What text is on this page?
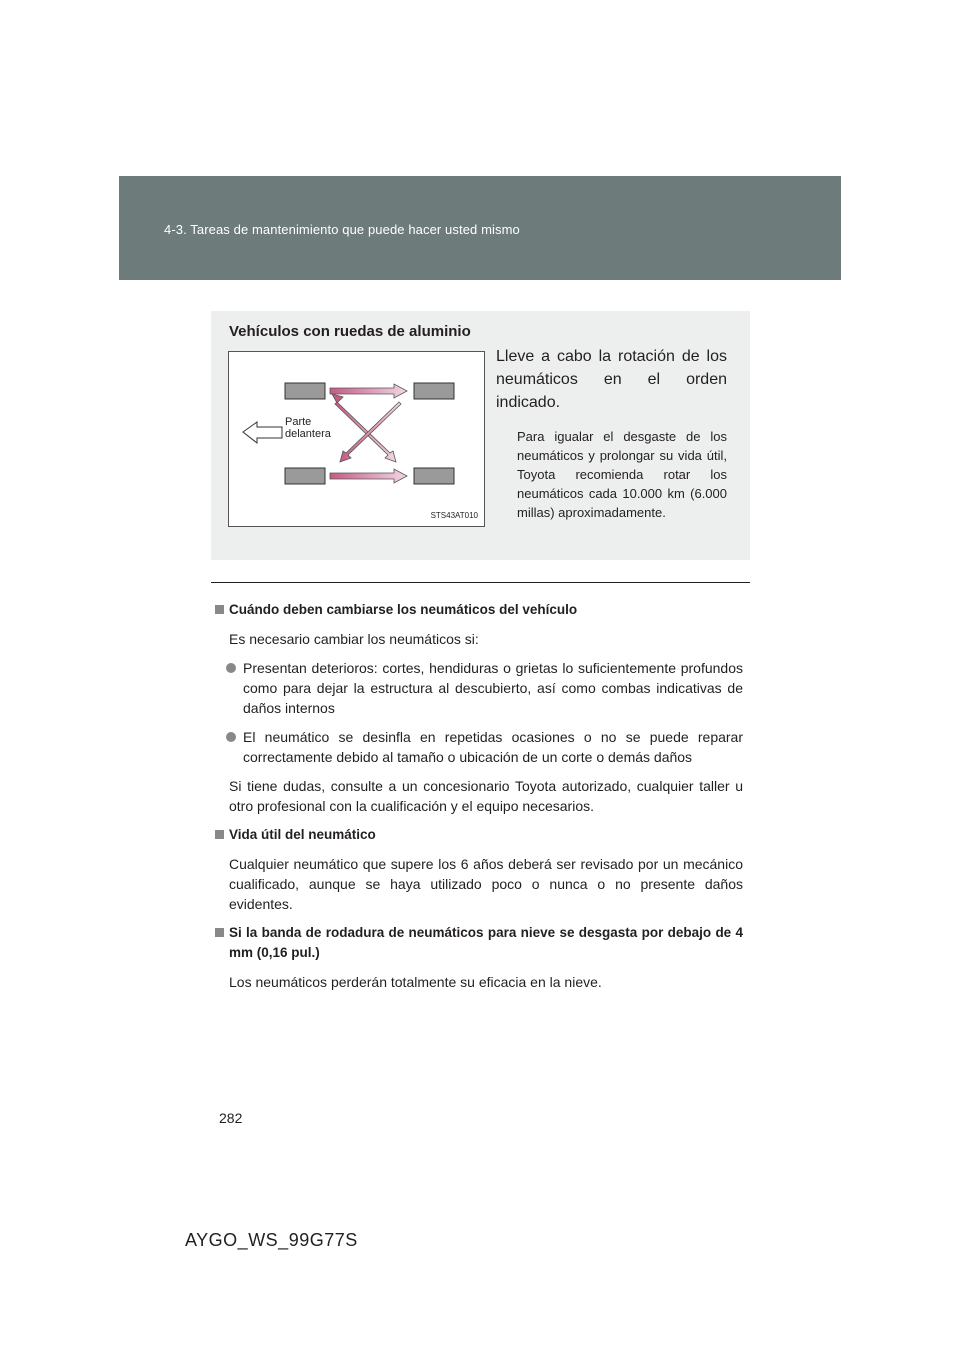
4-3. Tareas de mantenimiento que puede hacer usted mismo
Vehículos con ruedas de aluminio
Parte
delantera
STS43AT010
Lleve a cabo la rotación de los neumáticos en el orden indicado.
Para igualar el desgaste de los neumáticos y prolongar su vida útil, Toyota recomienda rotar los neumáticos cada 10.000 km (6.000 millas) aproximadamente.
Cuándo deben cambiarse los neumáticos del vehículo
Es necesario cambiar los neumáticos si:
Presentan deterioros: cortes, hendiduras o grietas lo suficientemente profundos como para dejar la estructura al descubierto, así como combas indicativas de daños internos
El neumático se desinfla en repetidas ocasiones o no se puede reparar correctamente debido al tamaño o ubicación de un corte o demás daños
Si tiene dudas, consulte a un concesionario Toyota autorizado, cualquier taller u otro profesional con la cualificación y el equipo necesarios.
Vida útil del neumático
Cualquier neumático que supere los 6 años deberá ser revisado por un mecánico cualificado, aunque se haya utilizado poco o nunca o no presente daños evidentes.
Si la banda de rodadura de neumáticos para nieve se desgasta por debajo de 4 mm (0,16 pul.)
Los neumáticos perderán totalmente su eficacia en la nieve.
282
AYGO_WS_99G77S
